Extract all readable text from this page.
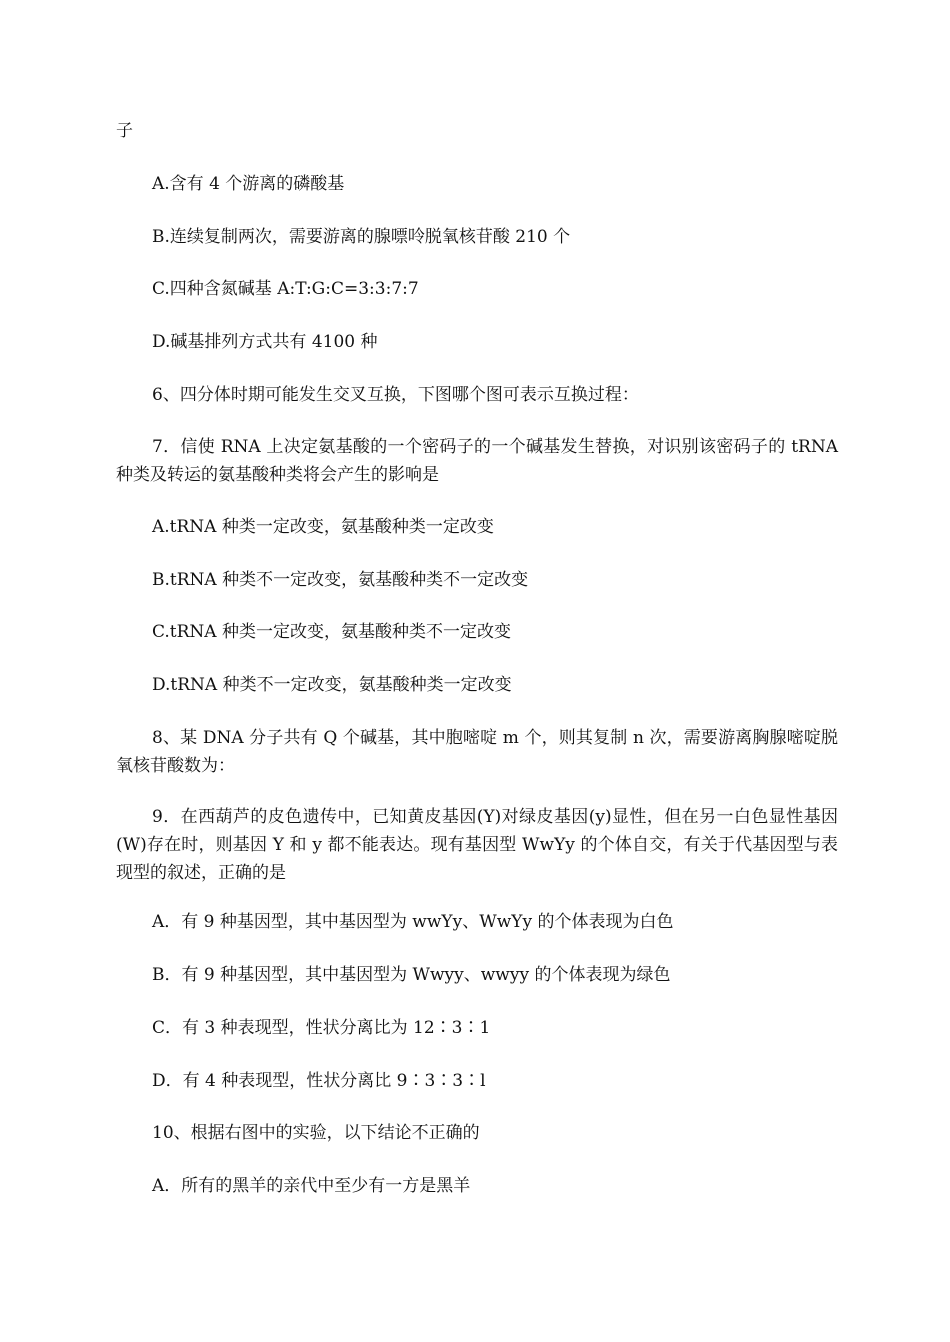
子
A.含有 4 个游离的磷酸基
B.连续复制两次，需要游离的腺嘌呤脱氧核苷酸 210 个
C.四种含氮碱基 A:T:G:C=3:3:7:7
D.碱基排列方式共有 4100 种
6、四分体时期可能发生交叉互换，下图哪个图可表示互换过程：
7．信使 RNA 上决定氨基酸的一个密码子的一个碱基发生替换，对识别该密码子的 tRNA 种类及转运的氨基酸种类将会产生的影响是
A.tRNA 种类一定改变，氨基酸种类一定改变
B.tRNA 种类不一定改变，氨基酸种类不一定改变
C.tRNA 种类一定改变，氨基酸种类不一定改变
D.tRNA 种类不一定改变，氨基酸种类一定改变
8、某 DNA 分子共有 Q 个碱基，其中胞嘧啶 m 个，则其复制 n 次，需要游离胸腺嘧啶脱氧核苷酸数为：
9．在西葫芦的皮色遗传中，已知黄皮基因(Y)对绿皮基因(y)显性，但在另一白色显性基因(W)存在时，则基因 Y 和 y 都不能表达。现有基因型 WwYy 的个体自交，有关于代基因型与表现型的叙述，正确的是
A．有 9 种基因型，其中基因型为 wwYy、WwYy 的个体表现为白色
B．有 9 种基因型，其中基因型为 Wwyy、wwyy 的个体表现为绿色
C．有 3 种表现型，性状分离比为 12∶3∶1
D．有 4 种表现型，性状分离比 9∶3∶3∶l
10、根据右图中的实验，以下结论不正确的
A．所有的黑羊的亲代中至少有一方是黑羊
